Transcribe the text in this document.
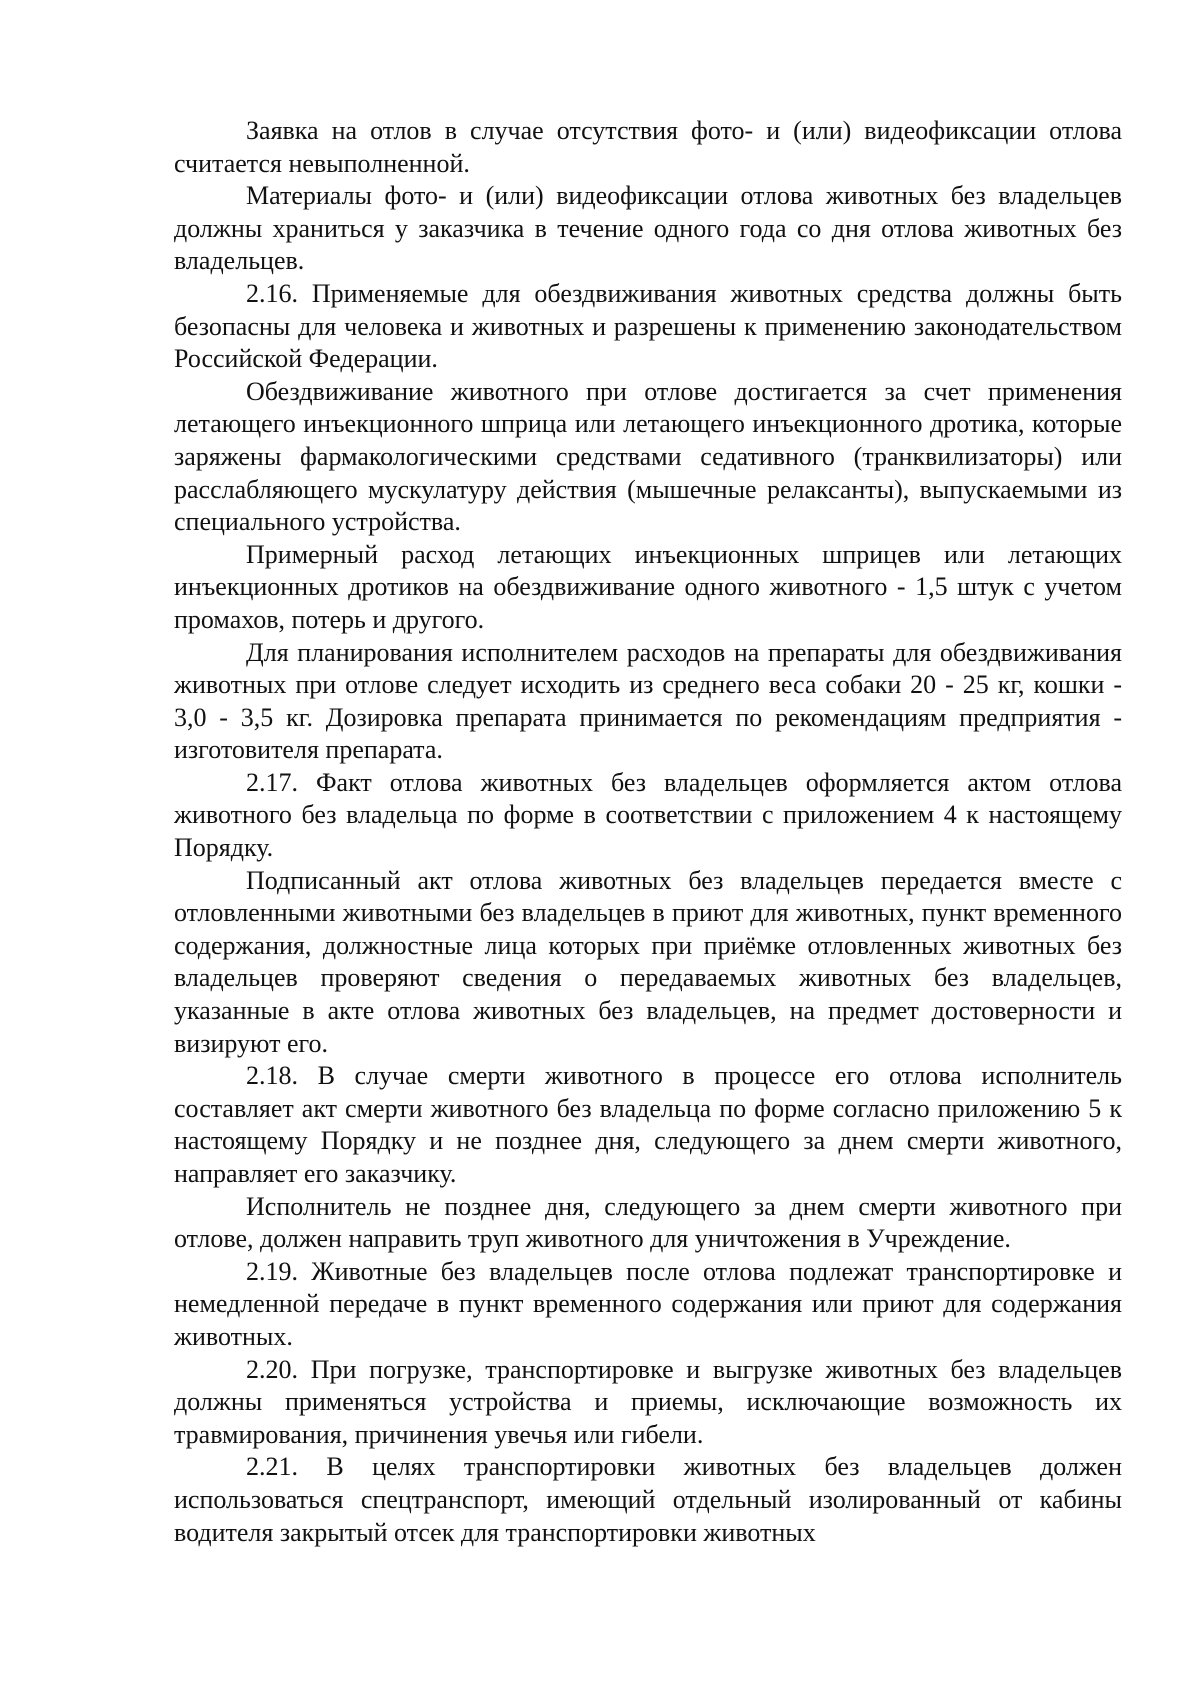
Заявка на отлов в случае отсутствия фото- и (или) видеофиксации отлова считается невыполненной.

Материалы фото- и (или) видеофиксации отлова животных без владельцев должны храниться у заказчика в течение одного года со дня отлова животных без владельцев.

2.16. Применяемые для обездвиживания животных средства должны быть безопасны для человека и животных и разрешены к применению законодательством Российской Федерации.

Обездвиживание животного при отлове достигается за счет применения летающего инъекционного шприца или летающего инъекционного дротика, которые заряжены фармакологическими средствами седативного (транквилизаторы) или расслабляющего мускулатуру действия (мышечные релаксанты), выпускаемыми из специального устройства.

Примерный расход летающих инъекционных шприцев или летающих инъекционных дротиков на обездвиживание одного животного - 1,5 штук с учетом промахов, потерь и другого.

Для планирования исполнителем расходов на препараты для обездвиживания животных при отлове следует исходить из среднего веса собаки 20 - 25 кг, кошки - 3,0 - 3,5 кг. Дозировка препарата принимается по рекомендациям предприятия - изготовителя препарата.

2.17. Факт отлова животных без владельцев оформляется актом отлова животного без владельца по форме в соответствии с приложением 4 к настоящему Порядку.

Подписанный акт отлова животных без владельцев передается вместе с отловленными животными без владельцев в приют для животных, пункт временного содержания, должностные лица которых при приёмке отловленных животных без владельцев проверяют сведения о передаваемых животных без владельцев, указанные в акте отлова животных без владельцев, на предмет достоверности и визируют его.

2.18. В случае смерти животного в процессе его отлова исполнитель составляет акт смерти животного без владельца по форме согласно приложению 5 к настоящему Порядку и не позднее дня, следующего за днем смерти животного, направляет его заказчику.

Исполнитель не позднее дня, следующего за днем смерти животного при отлове, должен направить труп животного для уничтожения в Учреждение.

2.19. Животные без владельцев после отлова подлежат транспортировке и немедленной передаче в пункт временного содержания или приют для содержания животных.

2.20. При погрузке, транспортировке и выгрузке животных без владельцев должны применяться устройства и приемы, исключающие возможность их травмирования, причинения увечья или гибели.

2.21. В целях транспортировки животных без владельцев должен использоваться спецтранспорт, имеющий отдельный изолированный от кабины водителя закрытый отсек для транспортировки животных
